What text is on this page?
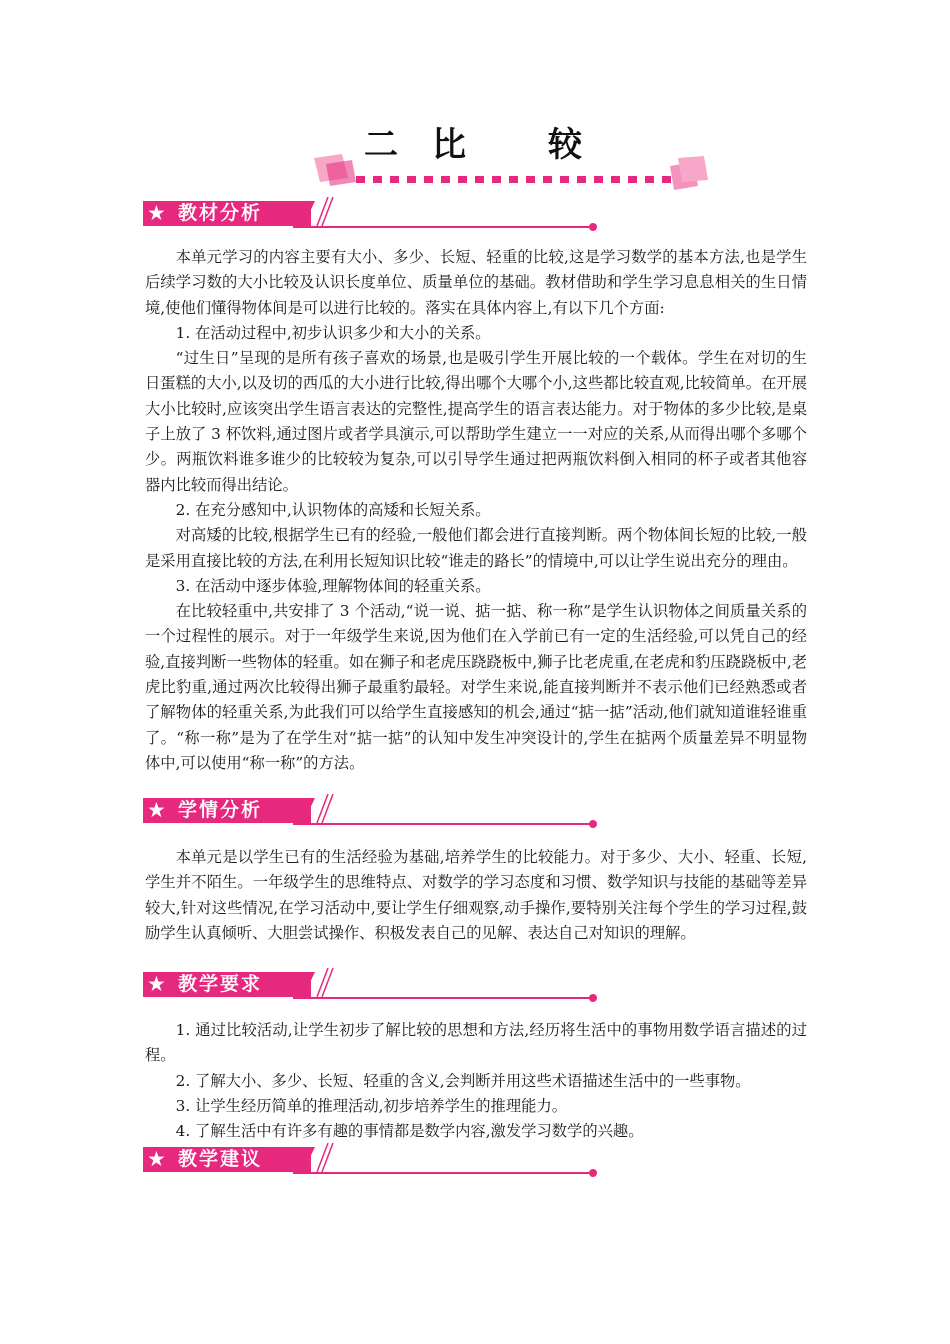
二 比 较
★ 教材分析

本单元学习的内容主要有大小、多少、长短、轻重的比较,这是学习数学的基本方法,也是学生后续学习数的大小比较及认识长度单位、质量单位的基础。教材借助和学生学习息息相关的生日情境,使他们懂得物体间是可以进行比较的。落实在具体内容上,有以下几个方面:

1. 在活动过程中,初步认识多少和大小的关系。

“过生日”呈现的是所有孩子喜欢的场景,也是吸引学生开展比较的一个载体。学生在对切的生日蛋糕的大小,以及切的西瓜的大小进行比较,得出哪个大哪个小,这些都比较直观,比较简单。在开展大小比较时,应该突出学生语言表达的完整性,提高学生的语言表达能力。对于物体的多少比较,是桌子上放了 3 杯饮料,通过图片或者学具演示,可以帮助学生建立一一对应的关系,从而得出哪个多哪个少。两瓶饮料谁多谁少的比较较为复杂,可以引导学生通过把两瓶饮料倒入相同的杯子或者其他容器内比较而得出结论。

2. 在充分感知中,认识物体的高矮和长短关系。

对高矮的比较,根据学生已有的经验,一般他们都会进行直接判断。两个物体间长短的比较,一般是采用直接比较的方法,在利用长短知识比较“谁走的路长”的情境中,可以让学生说出充分的理由。

3. 在活动中逐步体验,理解物体间的轻重关系。

在比较轻重中,共安排了 3 个活动,“说一说、掂一掂、称一称”是学生认识物体之间质量关系的一个过程性的展示。对于一年级学生来说,因为他们在入学前已有一定的生活经验,可以凭自己的经验,直接判断一些物体的轻重。如在狮子和老虎压跷跷板中,狮子比老虎重,在老虎和豹压跷跷板中,老虎比豹重,通过两次比较得出狮子最重豹最轻。对学生来说,能直接判断并不表示他们已经熟悉或者了解物体的轻重关系,为此我们可以给学生直接感知的机会,通过“掂一掂”活动,他们就知道谁轻谁重了。“称一称”是为了在学生对“掂一掂”的认知中发生冲突设计的,学生在掂两个质量差异不明显物体中,可以使用“称一称”的方法。

★ 学情分析

本单元是以学生已有的生活经验为基础,培养学生的比较能力。对于多少、大小、轻重、长短,学生并不陌生。一年级学生的思维特点、对数学的学习态度和习惯、数学知识与技能的基础等差异较大,针对这些情况,在学习活动中,要让学生仔细观察,动手操作,要特别关注每个学生的学习过程,鼓励学生认真倾听、大胆尝试操作、积极发表自己的见解、表达自己对知识的理解。

★ 教学要求

1. 通过比较活动,让学生初步了解比较的思想和方法,经历将生活中的事物用数学语言描述的过程。

2. 了解大小、多少、长短、轻重的含义,会判断并用这些术语描述生活中的一些事物。

3. 让学生经历简单的推理活动,初步培养学生的推理能力。

4. 了解生活中有许多有趣的事情都是数学内容,激发学习数学的兴趣。

★ 教学建议
